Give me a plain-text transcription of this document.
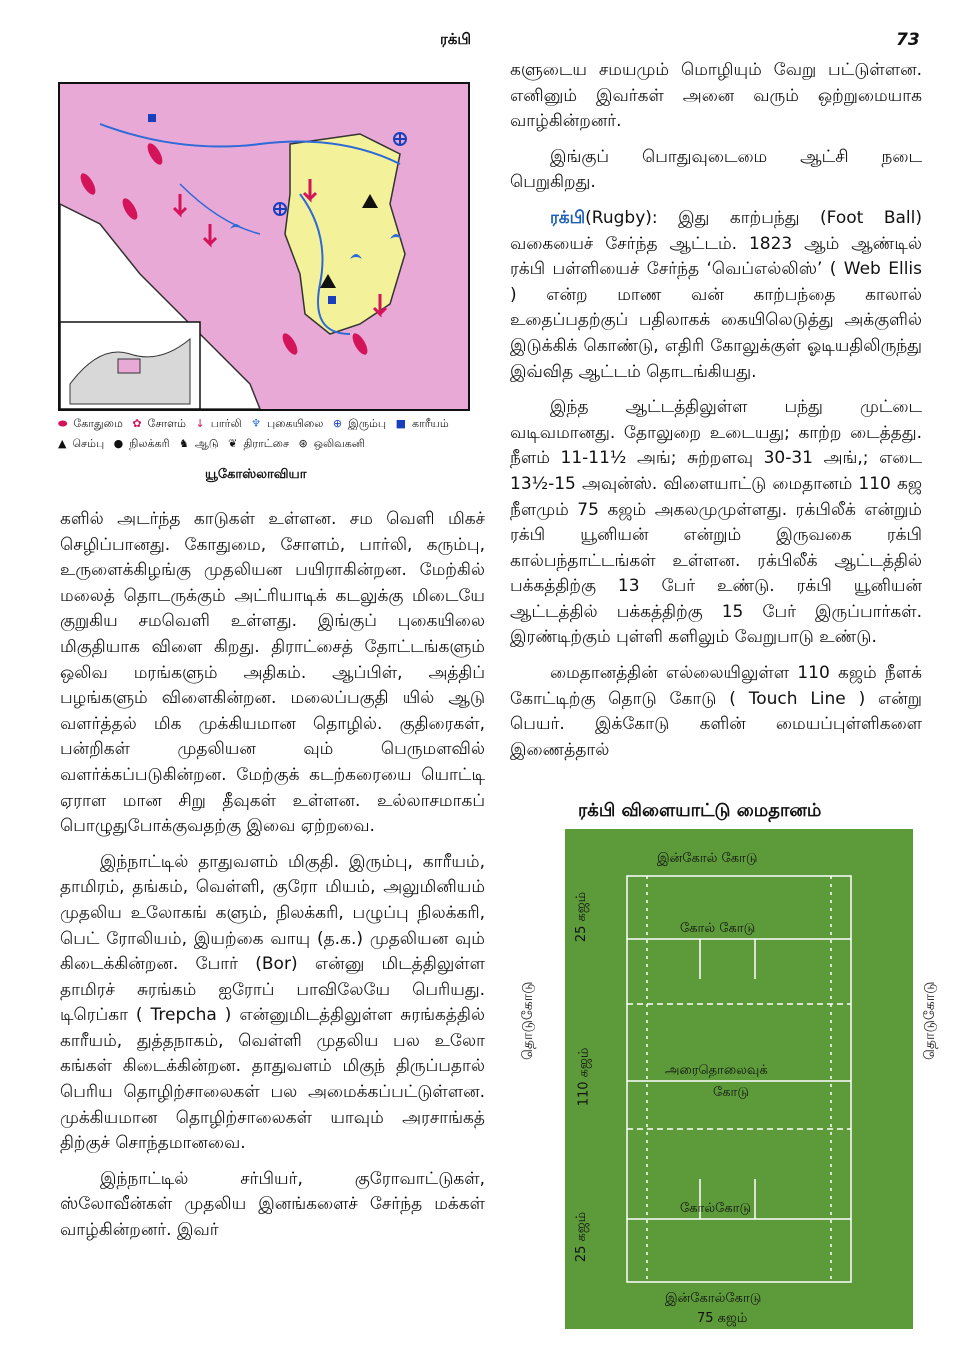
ரக்பி	73
⬬ கோதுமை ✿ சோளம் ↓ பார்லி ♆ புகையிலை ⊕ இரும்பு ■ காரீயம்
▲ செம்பு ● நிலக்கரி ♞ ஆடு ❦ திராட்சை ⊛ ஒலிவகனி
யூகோஸ்லாவியா

களில் அடர்ந்த காடுகள் உள்ளன. சம வெளி மிகச் செழிப்பானது. கோதுமை, சோளம், பார்லி, கரும்பு, உருளைக்கிழங்கு முதலியன பயிராகின்றன. மேற்கில் மலைத் தொடருக்கும் அட்ரியாடிக் கடலுக்கு மிடையே குறுகிய சமவெளி உள்ளது. இங்குப் புகையிலை மிகுதியாக விளை கிறது. திராட்சைத் தோட்டங்களும் ஒலிவ மரங்களும் அதிகம். ஆப்பிள், அத்திப் பழங்களும் விளைகின்றன. மலைப்பகுதி யில் ஆடு வளர்த்தல் மிக முக்கியமான தொழில். குதிரைகள், பன்றிகள் முதலியன வும் பெருமளவில் வளர்க்கப்படுகின்றன. மேற்குக் கடற்கரையை யொட்டி ஏராள மான சிறு தீவுகள் உள்ளன. உல்லாசமாகப் பொழுதுபோக்குவதற்கு இவை ஏற்றவை.

இந்நாட்டில் தாதுவளம் மிகுதி. இரும்பு, காரீயம், தாமிரம், தங்கம், வெள்ளி, குரோ மியம், அலுமினியம் முதலிய உலோகங் களும், நிலக்கரி, பழுப்பு நிலக்கரி, பெட் ரோலியம், இயற்கை வாயு (த.க.) முதலியன வும் கிடைக்கின்றன. போர் (Bor) என்னு மிடத்திலுள்ள தாமிரச் சுரங்கம் ஐரோப் பாவிலேயே பெரியது. டிரெப்கா ( Trepcha ) என்னுமிடத்திலுள்ள சுரங்கத்தில் காரீயம், துத்தநாகம், வெள்ளி முதலிய பல உலோ கங்கள் கிடைக்கின்றன. தாதுவளம் மிகுந் திருப்பதால் பெரிய தொழிற்சாலைகள் பல அமைக்கப்பட்டுள்ளன. முக்கியமான தொழிற்சாலைகள் யாவும் அரசாங்கத் திற்குச் சொந்தமானவை.

இந்நாட்டில் சர்பியர், குரோவாட்டுகள், ஸ்லோவீன்கள் முதலிய இனங்களைச் சேர்ந்த மக்கள் வாழ்கின்றனர். இவர்

களுடைய சமயமும் மொழியும் வேறு பட்டுள்ளன. எனினும் இவர்கள் அனை வரும் ஒற்றுமையாக வாழ்கின்றனர்.

இங்குப் பொதுவுடைமை ஆட்சி நடை பெறுகிறது.

ரக்பி(Rugby): இது காற்பந்து (Foot Ball) வகையைச் சேர்ந்த ஆட்டம். 1823 ஆம் ஆண்டில் ரக்பி பள்ளியைச் சேர்ந்த ‘வெப்எல்லிஸ்’ ( Web Ellis ) என்ற மாண வன் காற்பந்தை காலால் உதைப்பதற்குப் பதிலாகக் கையிலெடுத்து அக்குளில் இடுக்கிக் கொண்டு, எதிரி கோலுக்குள் ஓடியதிலிருந்து இவ்வித ஆட்டம் தொடங்கியது.

இந்த ஆட்டத்திலுள்ள பந்து முட்டை வடிவமானது. தோலுறை உடையது; காற்ற டைத்தது. நீளம் 11-11½ அங்; சுற்றளவு 30-31 அங்,; எடை 13½-15 அவுன்ஸ். விளையாட்டு மைதானம் 110 கஜ நீளமும் 75 கஜம் அகலமுமுள்ளது. ரக்பிலீக் என்றும் ரக்பி யூனியன் என்றும் இருவகை ரக்பி கால்பந்தாட்டங்கள் உள்ளன. ரக்பிலீக் ஆட்டத்தில் பக்கத்திற்கு 13 பேர் உண்டு. ரக்பி யூனியன் ஆட்டத்தில் பக்கத்திற்கு 15 பேர் இருப்பார்கள். இரண்டிற்கும் புள்ளி களிலும் வேறுபாடு உண்டு.

மைதானத்தின் எல்லையிலுள்ள 110 கஜம் நீளக் கோட்டிற்கு தொடு கோடு ( Touch Line ) என்று பெயர். இக்கோடு களின் மையப்புள்ளிகளை இணைத்தால்

ரக்பி விளையாட்டு மைதானம்
இன்கோல் கோடு
கோல் கோடு
அரைதொலைவுக்
கோடு
கோல்கோடு
இன்கோல்கோடு
75 கஜம்
25 கஜம்
25 கஜம்
110 கஜம்
தொடுகோடு	தொடுகோடு
